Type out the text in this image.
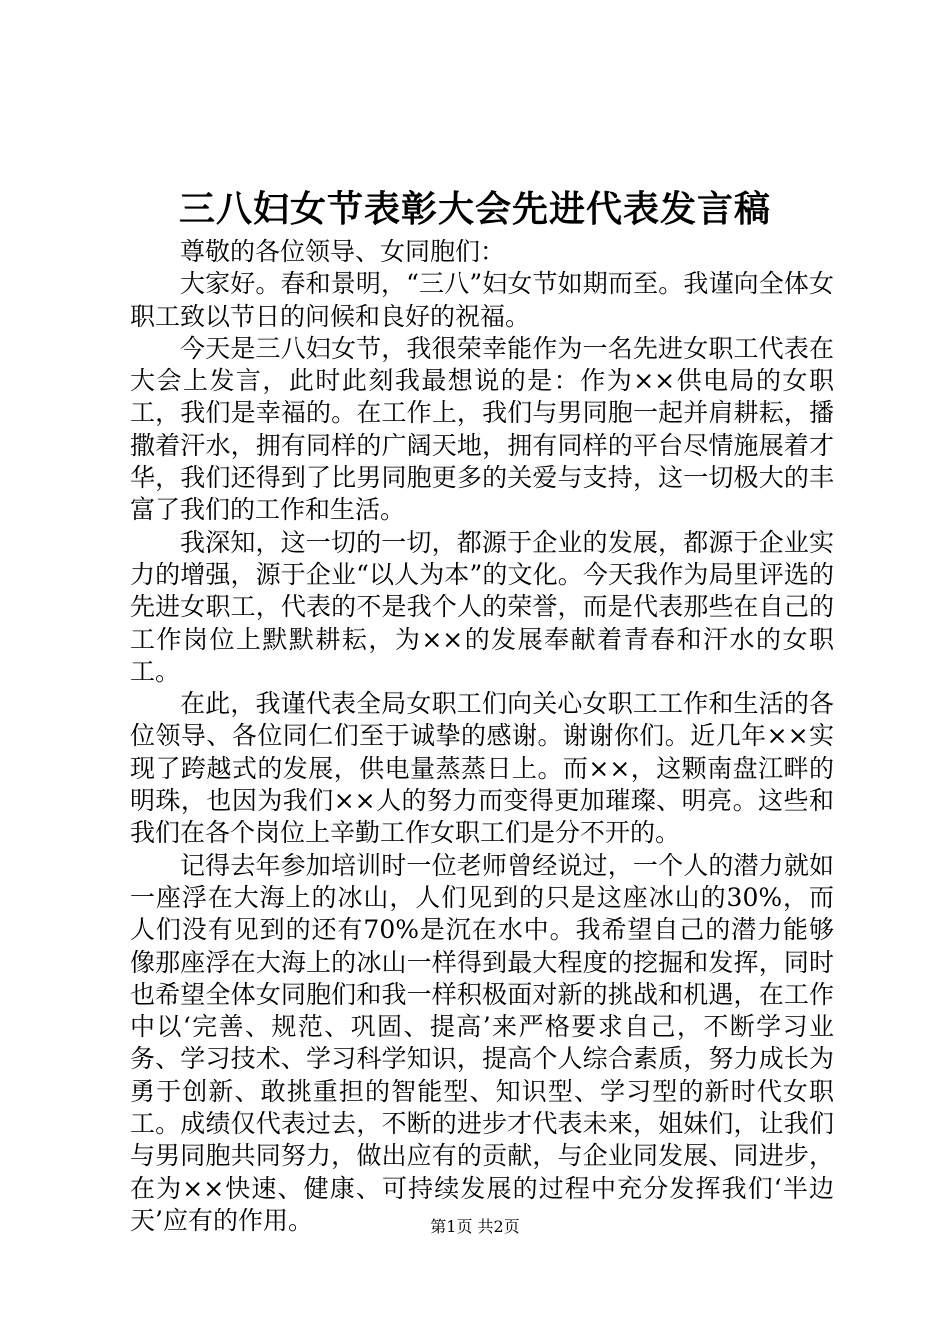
三八妇女节表彰大会先进代表发言稿

尊敬的各位领导、女同胞们：

大家好。春和景明，“三八”妇女节如期而至。我谨向全体女职工致以节日的问候和良好的祝福。

今天是三八妇女节，我很荣幸能作为一名先进女职工代表在大会上发言，此时此刻我最想说的是：作为××供电局的女职工，我们是幸福的。在工作上，我们与男同胞一起并肩耕耘，播撒着汗水，拥有同样的广阔天地，拥有同样的平台尽情施展着才华，我们还得到了比男同胞更多的关爱与支持，这一切极大的丰富了我们的工作和生活。

我深知，这一切的一切，都源于企业的发展，都源于企业实力的增强，源于企业“以人为本”的文化。今天我作为局里评选的先进女职工，代表的不是我个人的荣誉，而是代表那些在自己的工作岗位上默默耕耘，为××的发展奉献着青春和汗水的女职工。

在此，我谨代表全局女职工们向关心女职工工作和生活的各位领导、各位同仁们至于诚挚的感谢。谢谢你们。近几年××实现了跨越式的发展，供电量蒸蒸日上。而××，这颗南盘江畔的明珠，也因为我们××人的努力而变得更加璀璨、明亮。这些和我们在各个岗位上辛勤工作女职工们是分不开的。

记得去年参加培训时一位老师曾经说过，一个人的潜力就如一座浮在大海上的冰山，人们见到的只是这座冰山的30%，而人们没有见到的还有70%是沉在水中。我希望自己的潜力能够像那座浮在大海上的冰山一样得到最大程度的挖掘和发挥，同时也希望全体女同胞们和我一样积极面对新的挑战和机遇，在工作中以‘完善、规范、巩固、提高’来严格要求自己，不断学习业务、学习技术、学习科学知识，提高个人综合素质，努力成长为勇于创新、敢挑重担的智能型、知识型、学习型的新时代女职工。成绩仅代表过去，不断的进步才代表未来，姐妹们，让我们与男同胞共同努力，做出应有的贡献，与企业同发展、同进步，在为××快速、健康、可持续发展的过程中充分发挥我们‘半边天’应有的作用。	第1页 共2页
